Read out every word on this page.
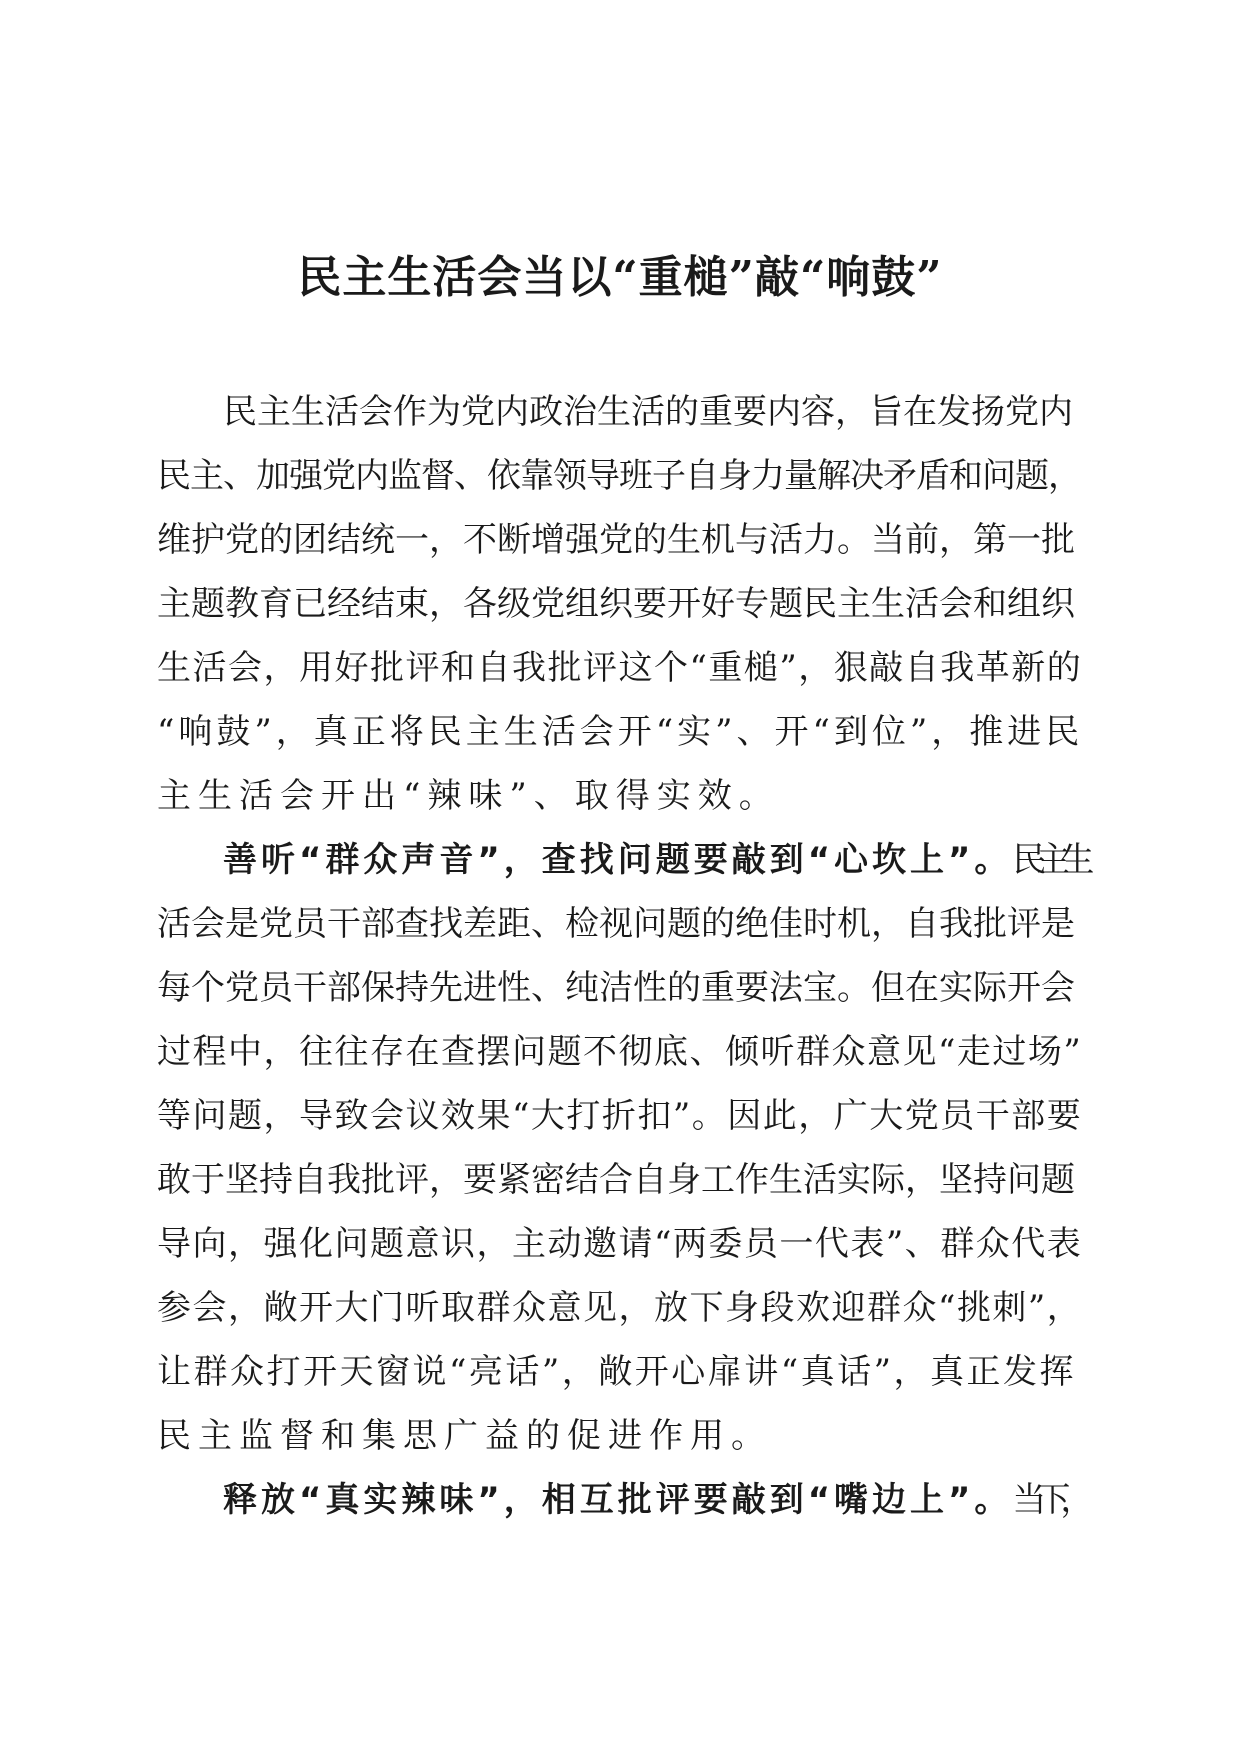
民主生活会当以“重槌”敲“响鼓”
民主生活会作为党内政治生活的重要内容，旨在发扬党内
民主、加强党内监督、依靠领导班子自身力量解决矛盾和问题，
维护党的团结统一，不断增强党的生机与活力。当前，第一批
主题教育已经结束，各级党组织要开好专题民主生活会和组织
生活会，用好批评和自我批评这个“重槌”，狠敲自我革新的
“响鼓”，真正将民主生活会开“实”、开“到位”，推进民
主生活会开出“辣味”、取得实效。
善听“群众声音”，查找问题要敲到“心坎上”。民主生
活会是党员干部查找差距、检视问题的绝佳时机，自我批评是
每个党员干部保持先进性、纯洁性的重要法宝。但在实际开会
过程中，往往存在查摆问题不彻底、倾听群众意见“走过场”
等问题，导致会议效果“大打折扣”。因此，广大党员干部要
敢于坚持自我批评，要紧密结合自身工作生活实际，坚持问题
导向，强化问题意识，主动邀请“两委员一代表”、群众代表
参会，敞开大门听取群众意见，放下身段欢迎群众“挑刺”，
让群众打开天窗说“亮话”，敞开心扉讲“真话”，真正发挥
民主监督和集思广益的促进作用。
释放“真实辣味”，相互批评要敲到“嘴边上”。当下，
